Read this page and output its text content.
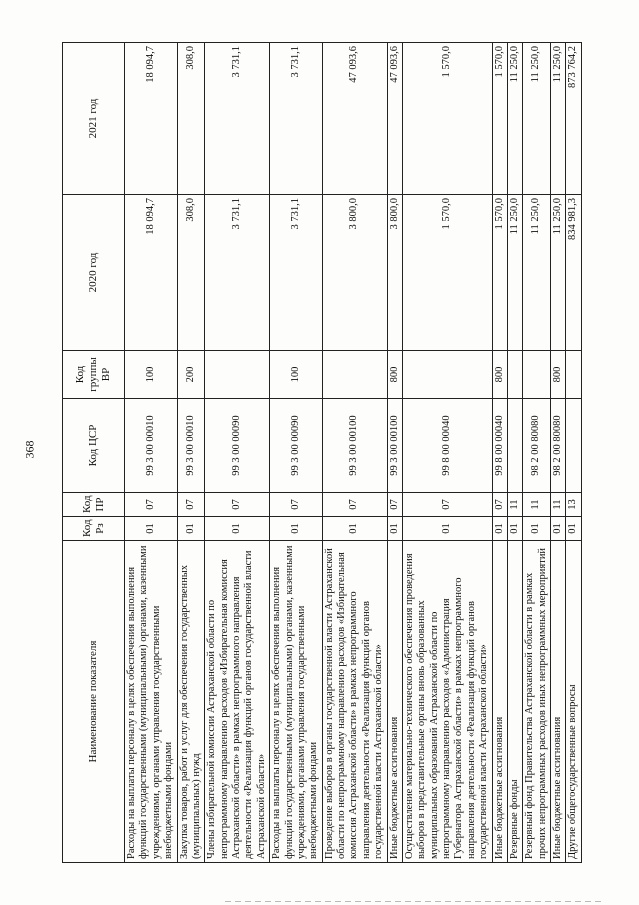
368
Наименование показателя	Код Рз	Код ПР	Код ЦСР	Код группы ВР	2020 год	2021 год
Расходы на выплаты персоналу в целях обеспечения выполнения функций государственными (муниципальными) органами, казенными учреждениями, органами управления государственными внебюджетными фондами	01	07	99 3 00 00010	100	18 094,7	18 094,7
Закупка товаров, работ и услуг для обеспечения государственных (муниципальных) нужд	01	07	99 3 00 00010	200	308,0	308,0
Члены избирательной комиссии Астраханской области по непрограммному направлению расходов «Избирательная комиссия Астраханской области» в рамках непрограммного направления деятельности «Реализация функций органов государственной власти Астраханской области»	01	07	99 3 00 00090		3 731,1	3 731,1
Расходы на выплаты персоналу в целях обеспечения выполнения функций государственными (муниципальными) органами, казенными учреждениями, органами управления государственными внебюджетными фондами	01	07	99 3 00 00090	100	3 731,1	3 731,1
Проведение выборов в органы государственной власти Астраханской области по непрограммному направлению расходов «Избирательная комиссия Астраханской области» в рамках непрограммного направления деятельности «Реализация функций органов государственной власти Астраханской области»	01	07	99 3 00 00100		3 800,0	47 093,6
Иные бюджетные ассигнования	01	07	99 3 00 00100	800	3 800,0	47 093,6
Осуществление материально-технического обеспечения проведения выборов в представительные органы вновь образованных муниципальных образований Астраханской области по непрограммному направлению расходов «Администрация Губернатора Астраханской области» в рамках непрограммного направления деятельности «Реализация функций органов государственной власти Астраханской области»	01	07	99 8 00 00040		1 570,0	1 570,0
Иные бюджетные ассигнования	01	07	99 8 00 00040	800	1 570,0	1 570,0
Резервные фонды	01	11			11 250,0	11 250,0
Резервный фонд Правительства Астраханской области в рамках прочих непрограммных расходов иных непрограммных мероприятий	01	11	98 2 00 80080		11 250,0	11 250,0
Иные бюджетные ассигнования	01	11	98 2 00 80080	800	11 250,0	11 250,0
Другие общегосударственные вопросы	01	13			834 981,3	873 764,2
